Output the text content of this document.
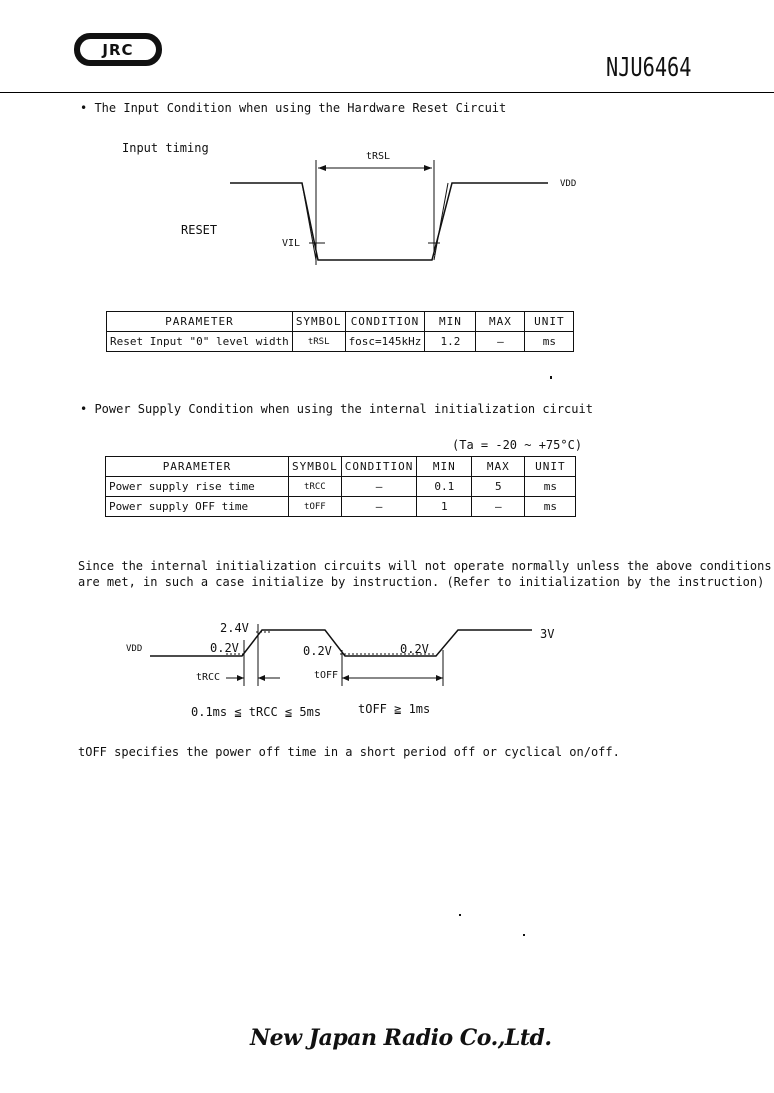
JRC
NJU6464
• The Input Condition when using the Hardware Reset Circuit
Input timing
RESET
tRSL
VDD
VIL
PARAMETER	SYMBOL	CONDITION	MIN	MAX	UNIT
Reset Input "0" level width	tRSL	fosc=145kHz	1.2	—	ms
• Power Supply Condition when using the internal initialization circuit
(Ta = -20 ~ +75°C)
PARAMETER	SYMBOL	CONDITION	MIN	MAX	UNIT
Power supply rise time	tRCC	—	0.1	5	ms
Power supply OFF time	tOFF	—	1	—	ms
Since the internal initialization circuits will not operate normally unless the above conditions
are met, in such a case initialize by instruction. (Refer to initialization by the instruction)
VDD
2.4V
0.2V	0.2V	0.2V
3V
tRCC	tOFF
0.1ms ≦ tRCC ≦ 5ms	tOFF ≧ 1ms
tOFF specifies the power off time in a short period off or cyclical on/off.
New Japan Radio Co.,Ltd.
